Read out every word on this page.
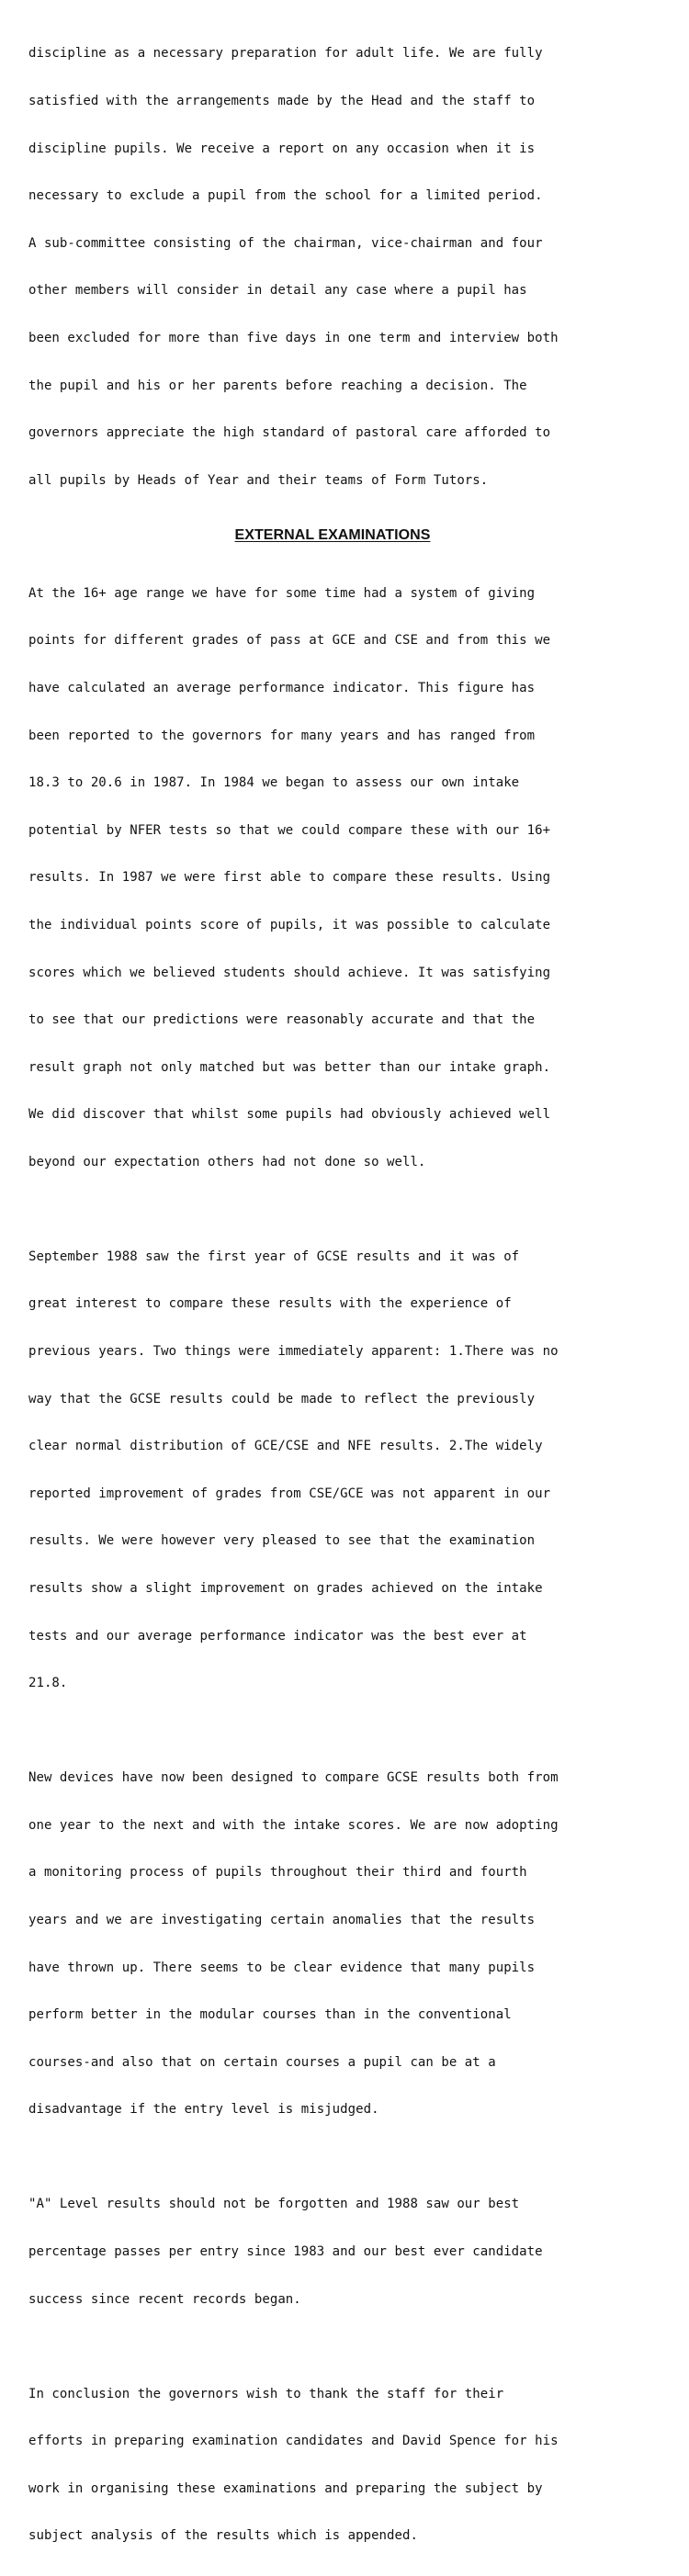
discipline as a necessary preparation for adult life. We are fully

satisfied with the arrangements made by the Head and the staff to

discipline pupils. We receive a report on any occasion when it is

necessary to exclude a pupil from the school for a limited period.

A sub-committee consisting of the chairman, vice-chairman and four

other members will consider in detail any case where a pupil has

been excluded for more than five days in one term and interview both

the pupil and his or her parents before reaching a decision. The

governors appreciate the high standard of pastoral care afforded to

all pupils by Heads of Year and their teams of Form Tutors.

EXTERNAL EXAMINATIONS

At the 16+ age range we have for some time had a system of giving

points for different grades of pass at GCE and CSE and from this we

have calculated an average performance indicator. This figure has

been reported to the governors for many years and has ranged from

18.3 to 20.6 in 1987. In 1984 we began to assess our own intake

potential by NFER tests so that we could compare these with our 16+

results. In 1987 we were first able to compare these results. Using

the individual points score of pupils, it was possible to calculate

scores which we believed students should achieve. It was satisfying

to see that our predictions were reasonably accurate and that the

result graph not only matched but was better than our intake graph.

We did discover that whilst some pupils had obviously achieved well

beyond our expectation others had not done so well.

September 1988 saw the first year of GCSE results and it was of

great interest to compare these results with the experience of

previous years. Two things were immediately apparent: 1.There was no

way that the GCSE results could be made to reflect the previously

clear normal distribution of GCE/CSE and NFE results. 2.The widely

reported improvement of grades from CSE/GCE was not apparent in our

results. We were however very pleased to see that the examination

results show a slight improvement on grades achieved on the intake

tests and our average performance indicator was the best ever at

21.8.

New devices have now been designed to compare GCSE results both from

one year to the next and with the intake scores. We are now adopting

a monitoring process of pupils throughout their third and fourth

years and we are investigating certain anomalies that the results

have thrown up. There seems to be clear evidence that many pupils

perform better in the modular courses than in the conventional

courses-and also that on certain courses a pupil can be at a

disadvantage if the entry level is misjudged.

"A" Level results should not be forgotten and 1988 saw our best

percentage passes per entry since 1983 and our best ever candidate

success since recent records began.

In conclusion the governors wish to thank the staff for their

efforts in preparing examination candidates and David Spence for his

work in organising these examinations and preparing the subject by

subject analysis of the results which is appended.
